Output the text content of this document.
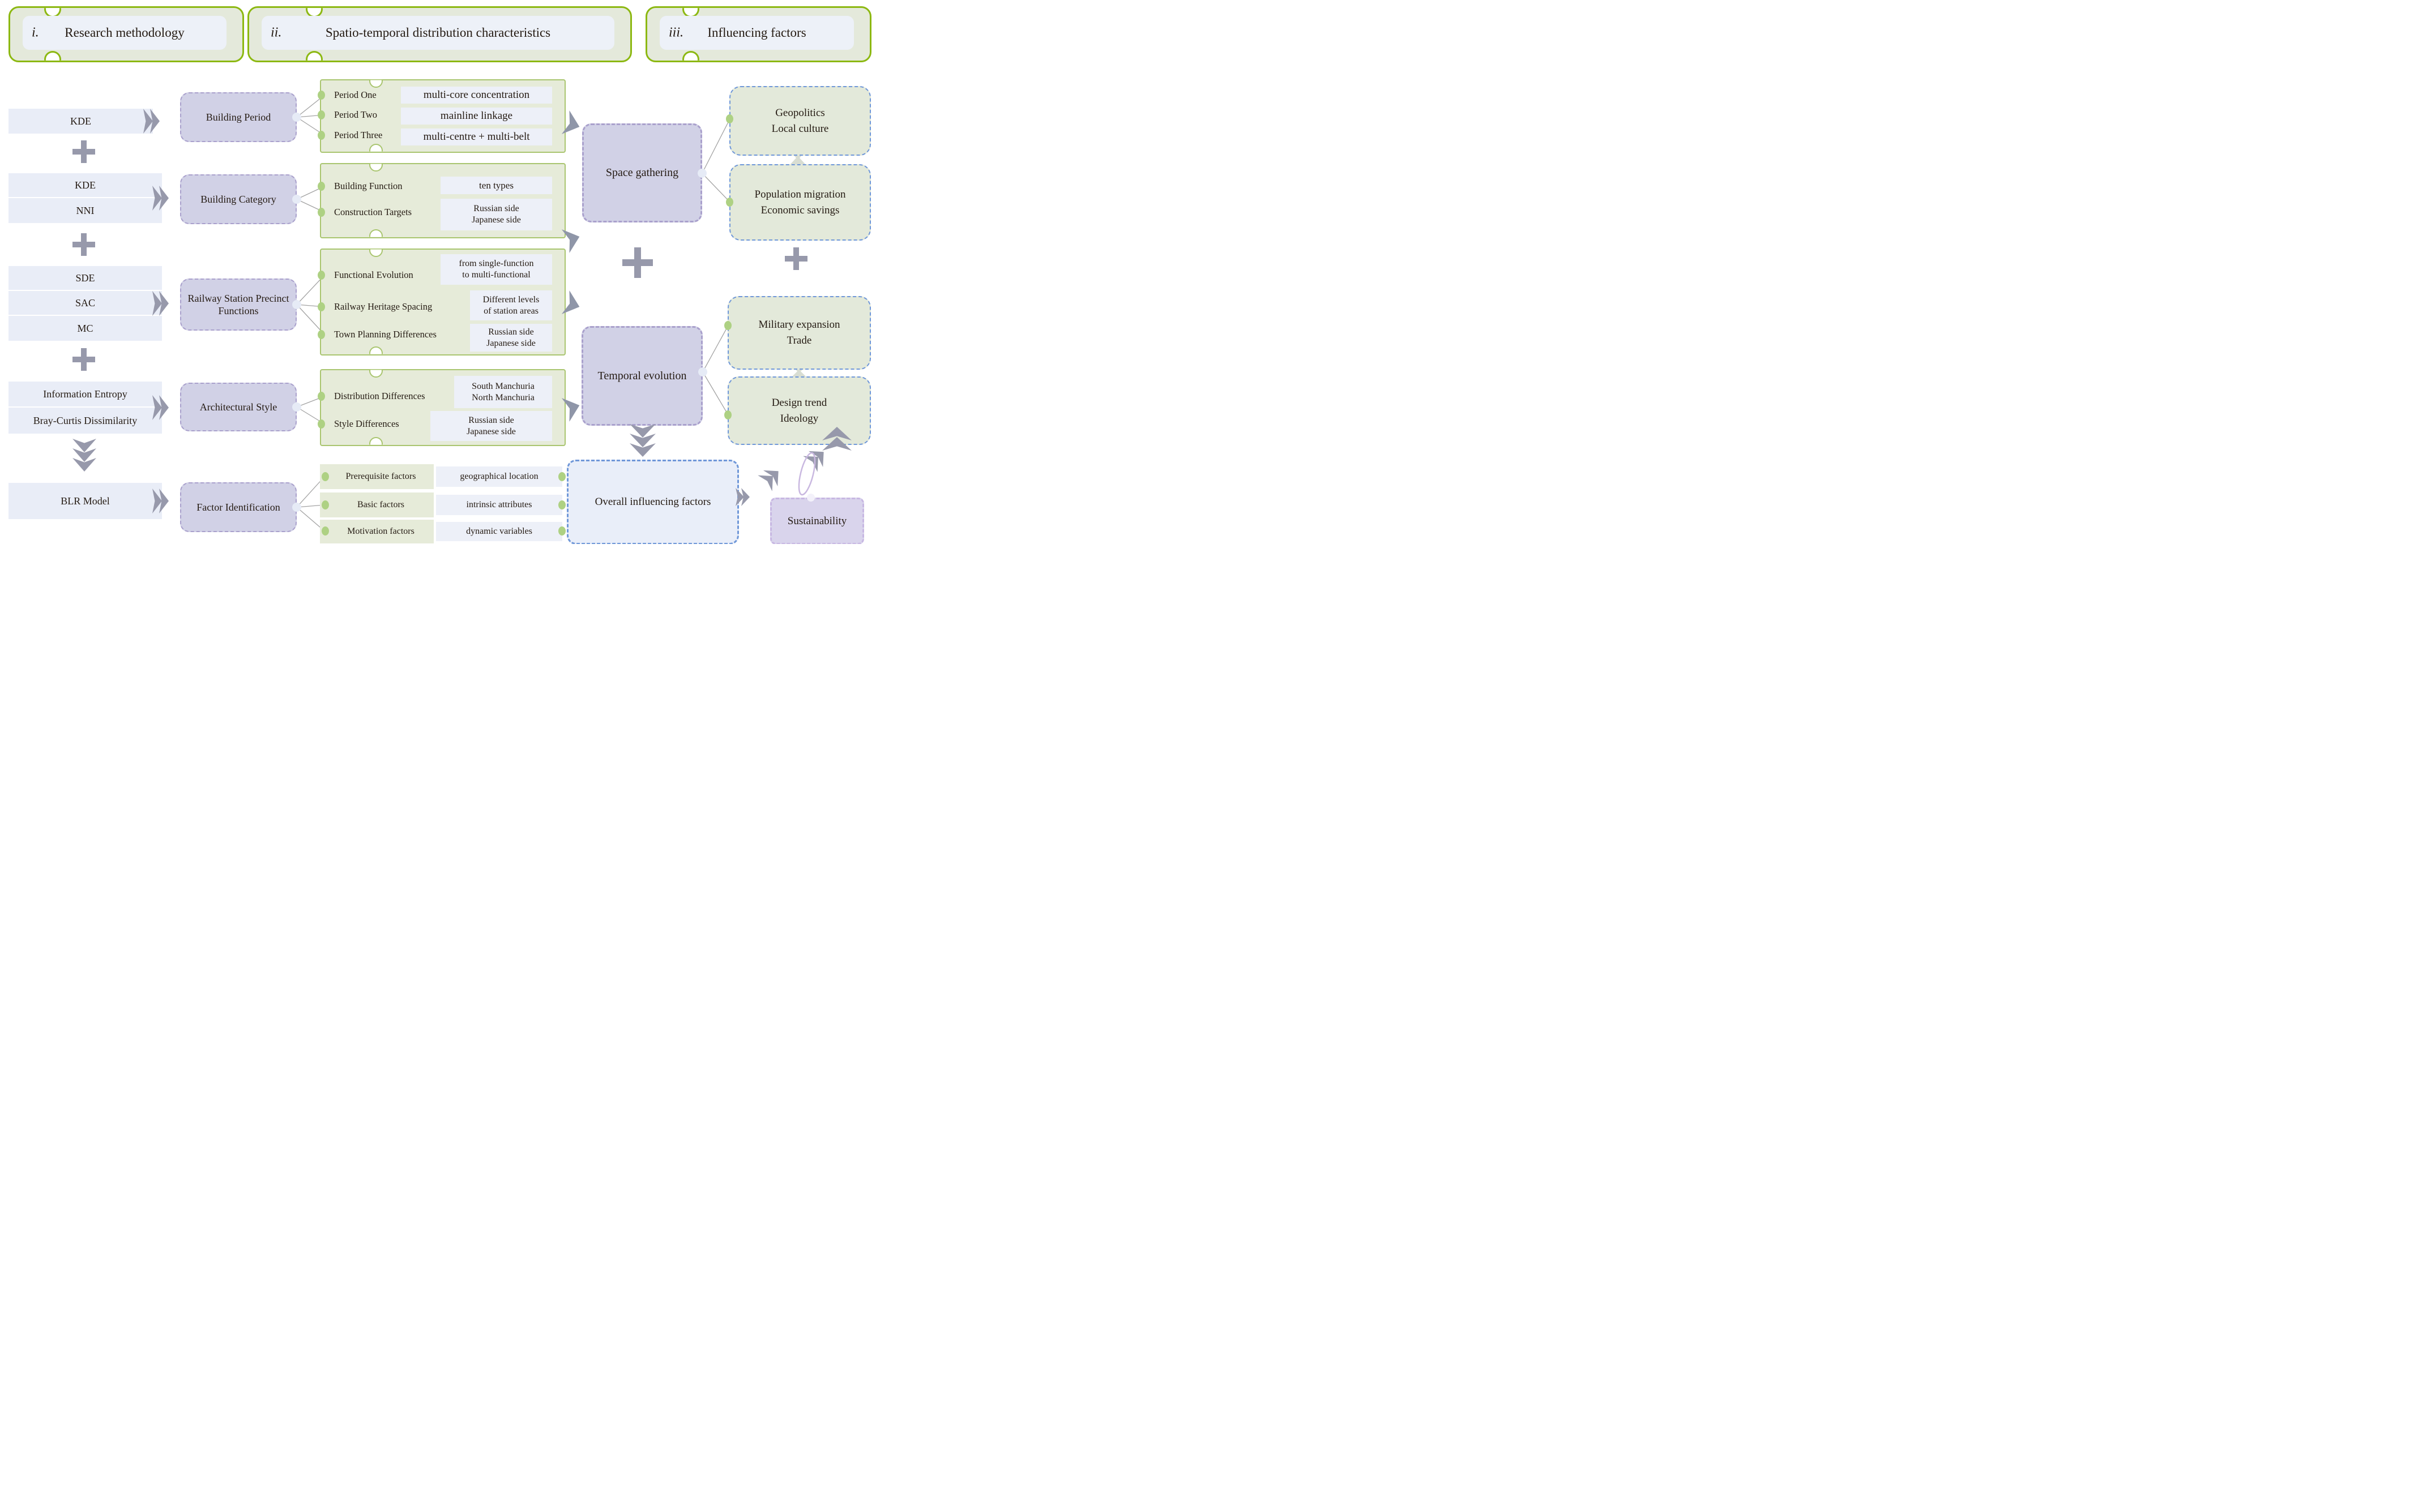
i. Research methodology	ii.	Spatio-temporal distribution characteristics	iii. Influencing factors
KDE
KDE
NNI
SDE
SAC
MC
Information Entropy
Bray-Curtis Dissimilarity
BLR Model
Building Period
Building Category
Railway Station Precinct Functions
Architectural Style
Factor Identification
Period One	multi-core concentration
Period Two	mainline linkage
Period Three	multi-centre + multi-belt
Building Function	ten types
Construction Targets	Russian side
Japanese side
Functional Evolution
from single-function
to multi-functional
Railway Heritage Spacing
Different levels
of station areas
Town Planning Differences	Russian side
Japanese side
Distribution Differences
South Manchuria
North Manchuria
Style Differences	Russian side
Japanese side
Prerequisite factors	geographical location
Basic factors	intrinsic attributes
Motivation factors	dynamic variables
Space gathering
Temporal evolution
Overall influencing factors
Geopolitics
Local culture
Population migration
Economic savings
Military expansion
Trade
Design trend
Ideology
Sustainability
